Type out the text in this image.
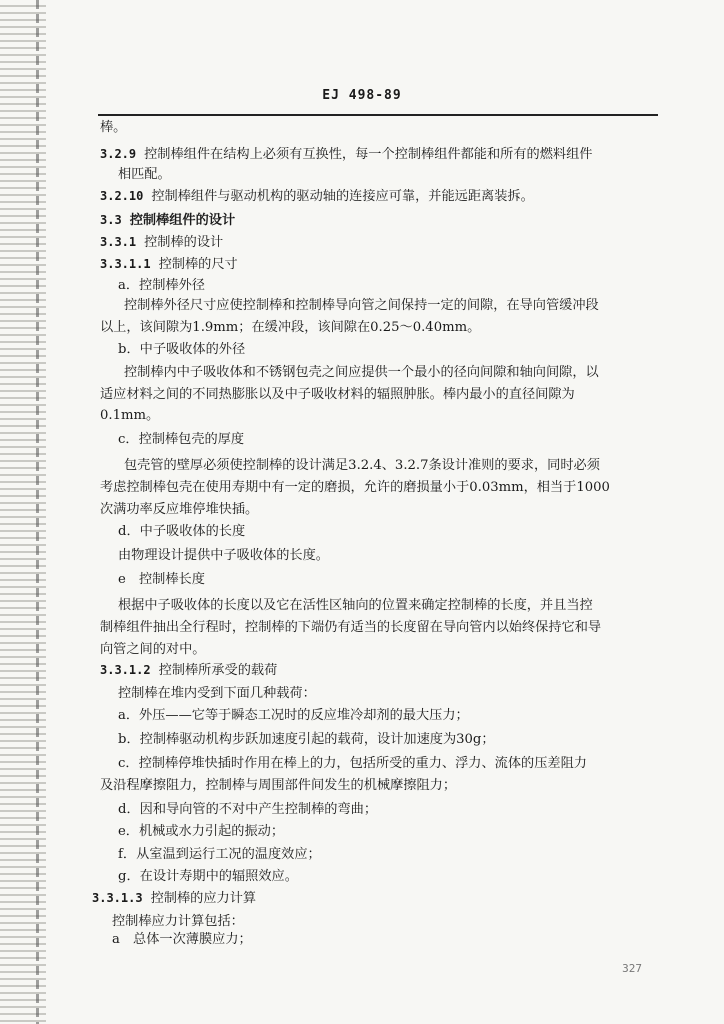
EJ 498-89
棒。
3.2.9 控制棒组件在结构上必须有互换性，每一个控制棒组件都能和所有的燃料组件
相匹配。
3.2.10 控制棒组件与驱动机构的驱动轴的连接应可靠，并能远距离装拆。
3.3 控制棒组件的设计
3.3.1 控制棒的设计
3.3.1.1 控制棒的尺寸
a．控制棒外径
控制棒外径尺寸应使控制棒和控制棒导向管之间保持一定的间隙，在导向管缓冲段
以上，该间隙为1.9mm；在缓冲段，该间隙在0.25～0.40mm。
b．中子吸收体的外径
控制棒内中子吸收体和不锈钢包壳之间应提供一个最小的径向间隙和轴向间隙，以
适应材料之间的不同热膨胀以及中子吸收材料的辐照肿胀。棒内最小的直径间隙为
0.1mm。
c．控制棒包壳的厚度
包壳管的壁厚必须使控制棒的设计满足3.2.4、3.2.7条设计准则的要求，同时必须
考虑控制棒包壳在使用寿期中有一定的磨损，允许的磨损量小于0.03mm，相当于1000
次满功率反应堆停堆快插。
d．中子吸收体的长度
由物理设计提供中子吸收体的长度。
e　控制棒长度
根据中子吸收体的长度以及它在活性区轴向的位置来确定控制棒的长度，并且当控
制棒组件抽出全行程时，控制棒的下端仍有适当的长度留在导向管内以始终保持它和导
向管之间的对中。
3.3.1.2 控制棒所承受的载荷
控制棒在堆内受到下面几种载荷：
a．外压——它等于瞬态工况时的反应堆冷却剂的最大压力；
b．控制棒驱动机构步跃加速度引起的载荷，设计加速度为30g；
c．控制棒停堆快插时作用在棒上的力，包括所受的重力、浮力、流体的压差阻力
及沿程摩擦阻力，控制棒与周围部件间发生的机械摩擦阻力；
d．因和导向管的不对中产生控制棒的弯曲；
e．机械或水力引起的振动；
f．从室温到运行工况的温度效应；
g．在设计寿期中的辐照效应。
3.3.1.3 控制棒的应力计算
控制棒应力计算包括：
a　总体一次薄膜应力；
327
